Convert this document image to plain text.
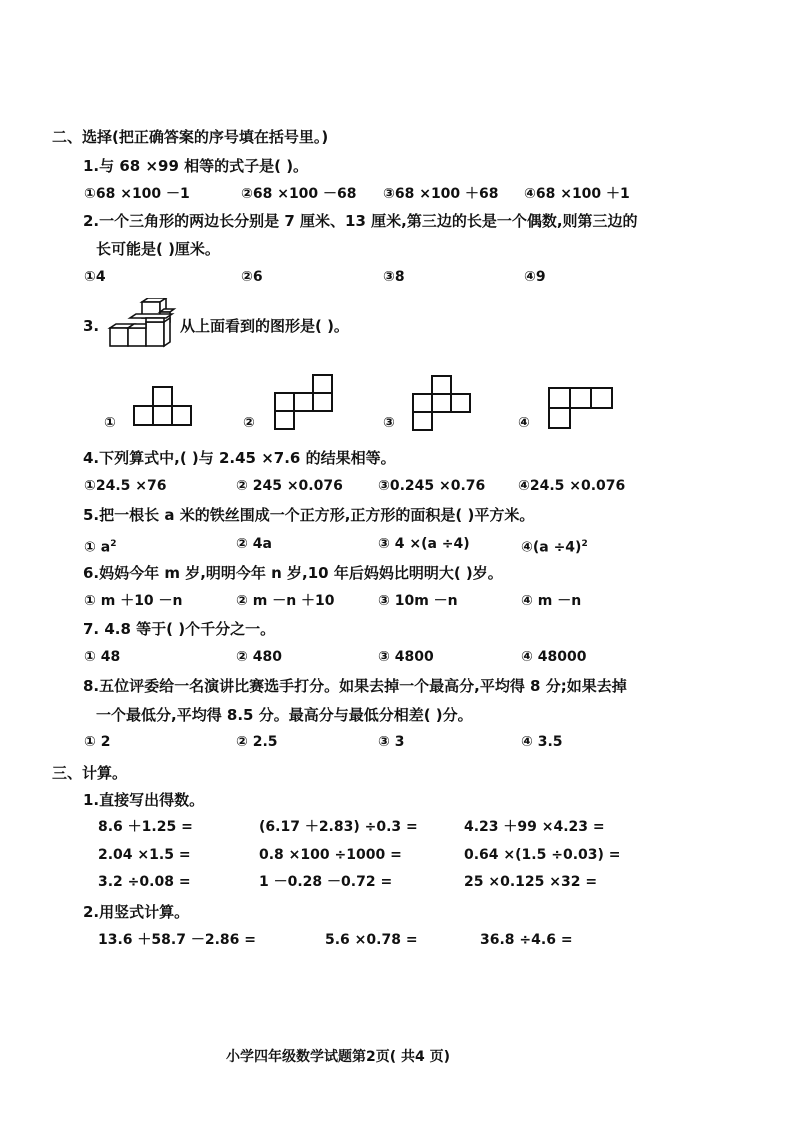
二、选择(把正确答案的序号填在括号里。)
1.与 68 ×99 相等的式子是( )。
①68 ×100 －1	②68 ×100 －68 ③68 ×100 ＋68 ④68 ×100 ＋1
2.一个三角形的两边长分别是 7 厘米、13 厘米,第三边的长是一个偶数,则第三边的
长可能是( )厘米。
①4	②6	③8	④9
3.	从上面看到的图形是( )。
①	②	③	④
4.下列算式中,( )与 2.45 ×7.6 的结果相等。
①24.5 ×76	② 245 ×0.076	③0.245 ×0.76 ④24.5 ×0.076
5.把一根长 a 米的铁丝围成一个正方形,正方形的面积是( )平方米。
① $a^2$	② 4a	③ 4 ×(a ÷4)	④(a ÷4)$^2$
6.妈妈今年 m 岁,明明今年 n 岁,10 年后妈妈比明明大( )岁。
① m ＋10 －n	② m －n ＋10	③ 10m －n	④ m －n
7. 4.8 等于( )个千分之一。
① 48	② 480	③ 4800	④ 48000
8.五位评委给一名演讲比赛选手打分。如果去掉一个最高分,平均得 8 分;如果去掉
一个最低分,平均得 8.5 分。最高分与最低分相差( )分。
① 2	② 2.5	③ 3	④ 3.5
三、计算。
1.直接写出得数。
8.6 ＋1.25 =	(6.17 ＋2.83) ÷0.3 =	4.23 ＋99 ×4.23 =
2.04 ×1.5 =	0.8 ×100 ÷1000 =	0.64 ×(1.5 ÷0.03) =
3.2 ÷0.08 =	1 －0.28 －0.72 =	25 ×0.125 ×32 =
2.用竖式计算。
13.6 ＋58.7 －2.86 =	5.6 ×0.78 =	36.8 ÷4.6 =
小学四年级数学试题第2页( 共4 页)
